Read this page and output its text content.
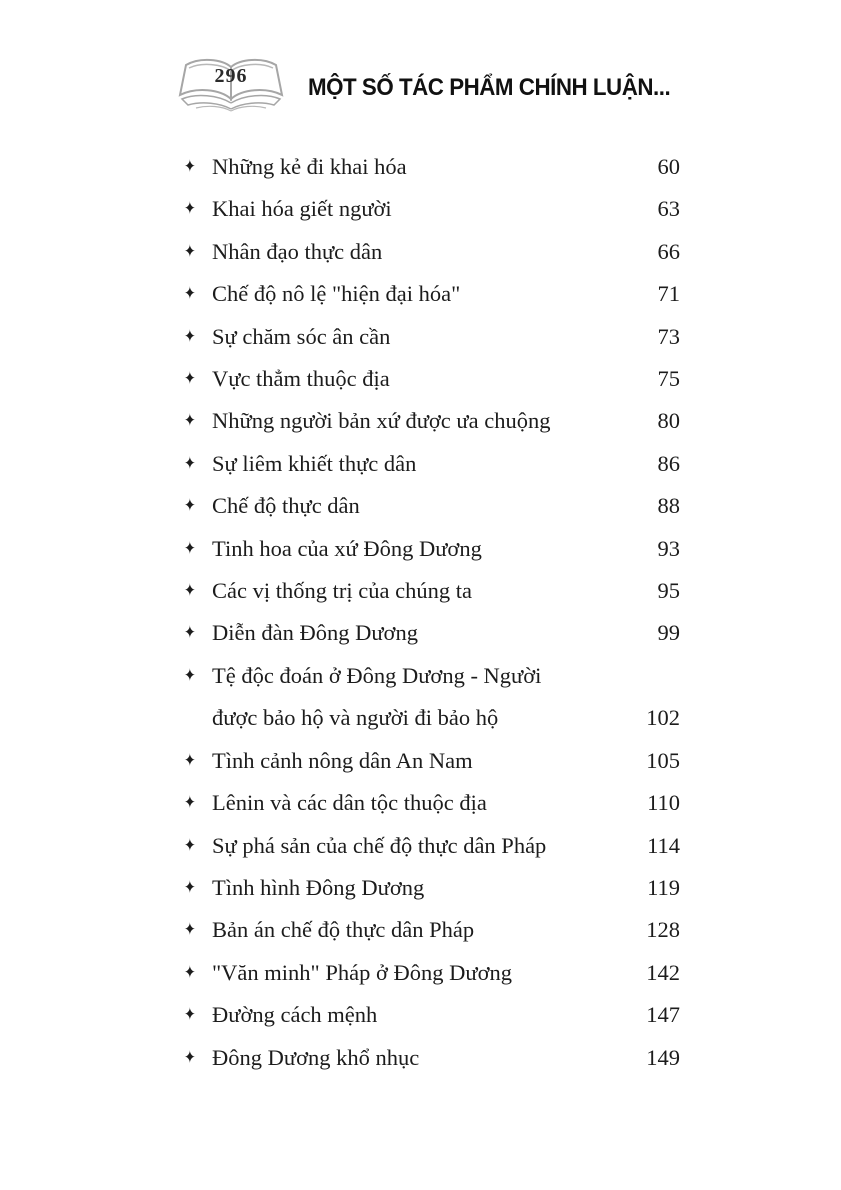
296	MỘT SỐ TÁC PHẨM CHÍNH LUẬN...
✦ Những kẻ đi khai hóa	60
✦ Khai hóa giết người	63
✦ Nhân đạo thực dân	66
✦ Chế độ nô lệ "hiện đại hóa"	71
✦ Sự chăm sóc ân cần	73
✦ Vực thẳm thuộc địa	75
✦ Những người bản xứ được ưa chuộng	80
✦ Sự liêm khiết thực dân	86
✦ Chế độ thực dân	88
✦ Tinh hoa của xứ Đông Dương	93
✦ Các vị thống trị của chúng ta	95
✦ Diễn đàn Đông Dương	99
✦ Tệ độc đoán ở Đông Dương - Người
được bảo hộ và người đi bảo hộ	102
✦ Tình cảnh nông dân An Nam	105
✦ Lênin và các dân tộc thuộc địa	110
✦ Sự phá sản của chế độ thực dân Pháp	114
✦ Tình hình Đông Dương	119
✦ Bản án chế độ thực dân Pháp	128
✦ "Văn minh" Pháp ở Đông Dương	142
✦ Đường cách mệnh	147
✦ Đông Dương khổ nhục	149
